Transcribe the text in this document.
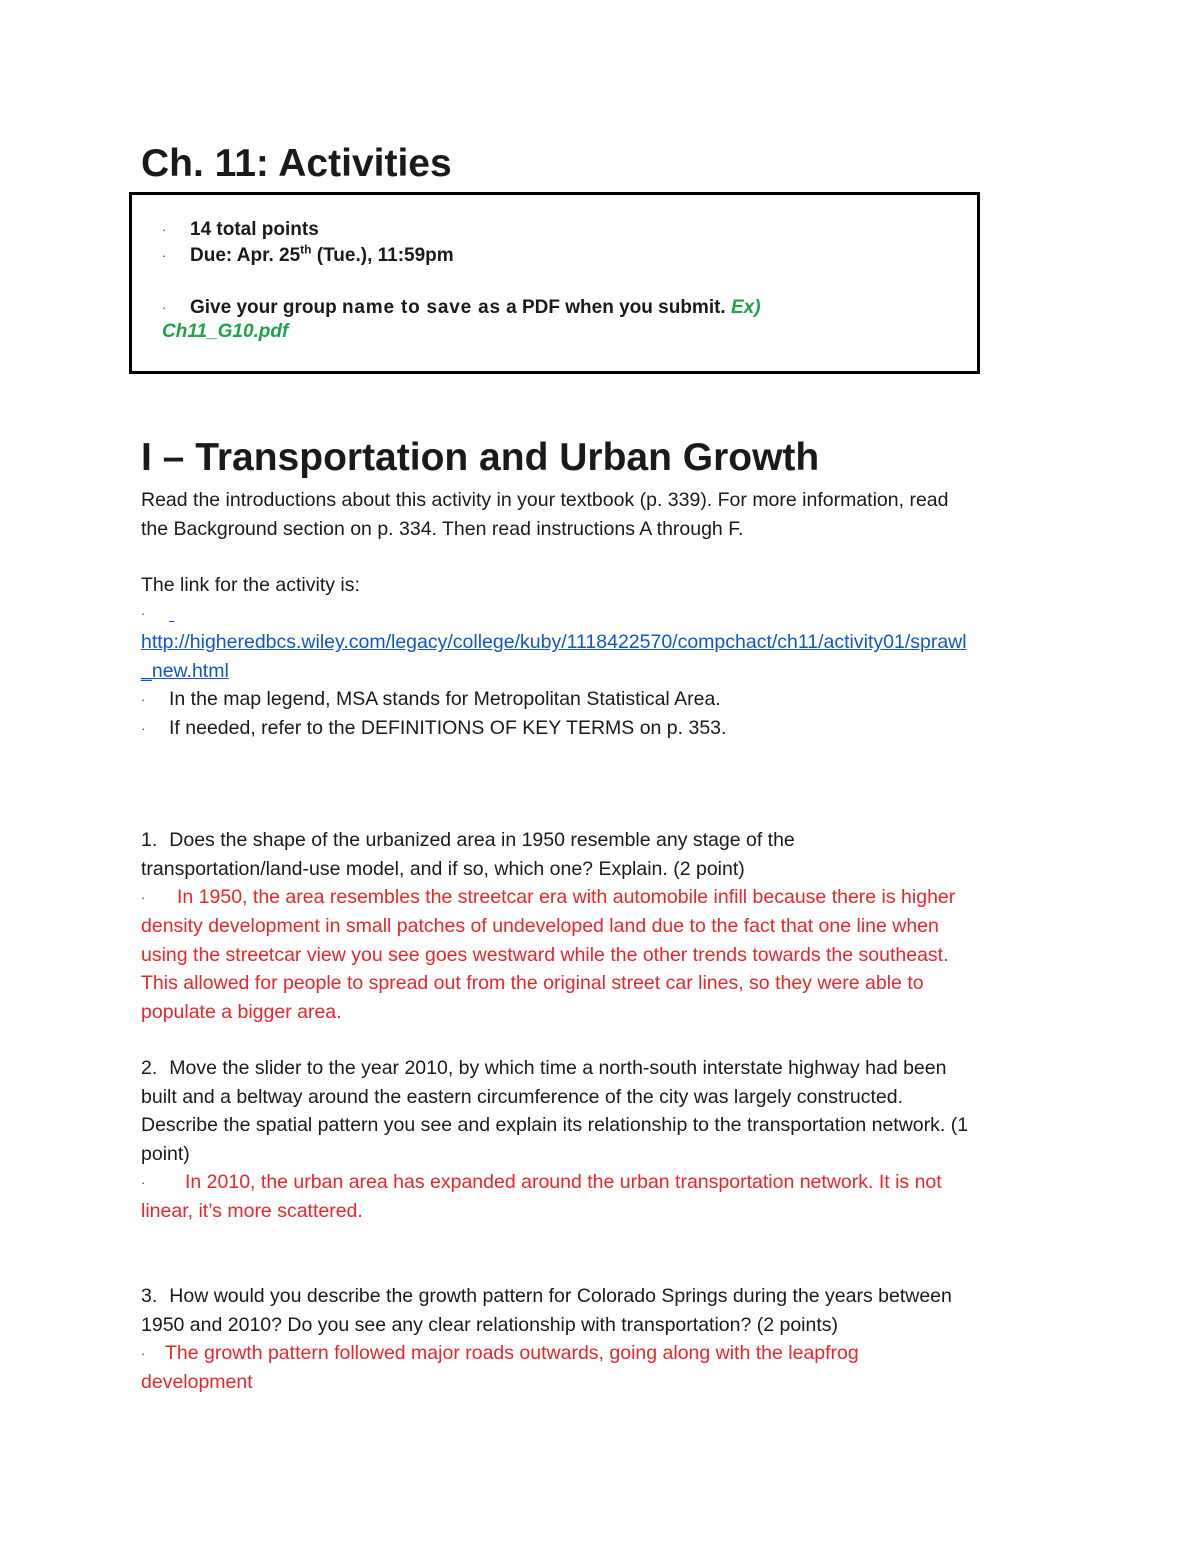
Ch. 11: Activities
· 14 total points
· Due: Apr. 25th (Tue.), 11:59pm
· Give your group name to save as a PDF when you submit. Ex)
Ch11_G10.pdf
I – Transportation and Urban Growth

Read the introductions about this activity in your textbook (p. 339). For more information, read

the Background section on p. 334. Then read instructions A through F.

The link for the activity is:

·

http://higheredbcs.wiley.com/legacy/college/kuby/1118422570/compchact/ch11/activity01/sprawl

_new.html

· In the map legend, MSA stands for Metropolitan Statistical Area.

· If needed, refer to the DEFINITIONS OF KEY TERMS on p. 353.

1. Does the shape of the urbanized area in 1950 resemble any stage of the

transportation/land-use model, and if so, which one? Explain. (2 point)

· In 1950, the area resembles the streetcar era with automobile infill because there is higher

density development in small patches of undeveloped land due to the fact that one line when

using the streetcar view you see goes westward while the other trends towards the southeast.

This allowed for people to spread out from the original street car lines, so they were able to

populate a bigger area.

2. Move the slider to the year 2010, by which time a north-south interstate highway had been

built and a beltway around the eastern circumference of the city was largely constructed.

Describe the spatial pattern you see and explain its relationship to the transportation network. (1

point)

· In 2010, the urban area has expanded around the urban transportation network. It is not

linear, it’s more scattered.

3. How would you describe the growth pattern for Colorado Springs during the years between

1950 and 2010? Do you see any clear relationship with transportation? (2 points)

· The growth pattern followed major roads outwards, going along with the leapfrog

development
